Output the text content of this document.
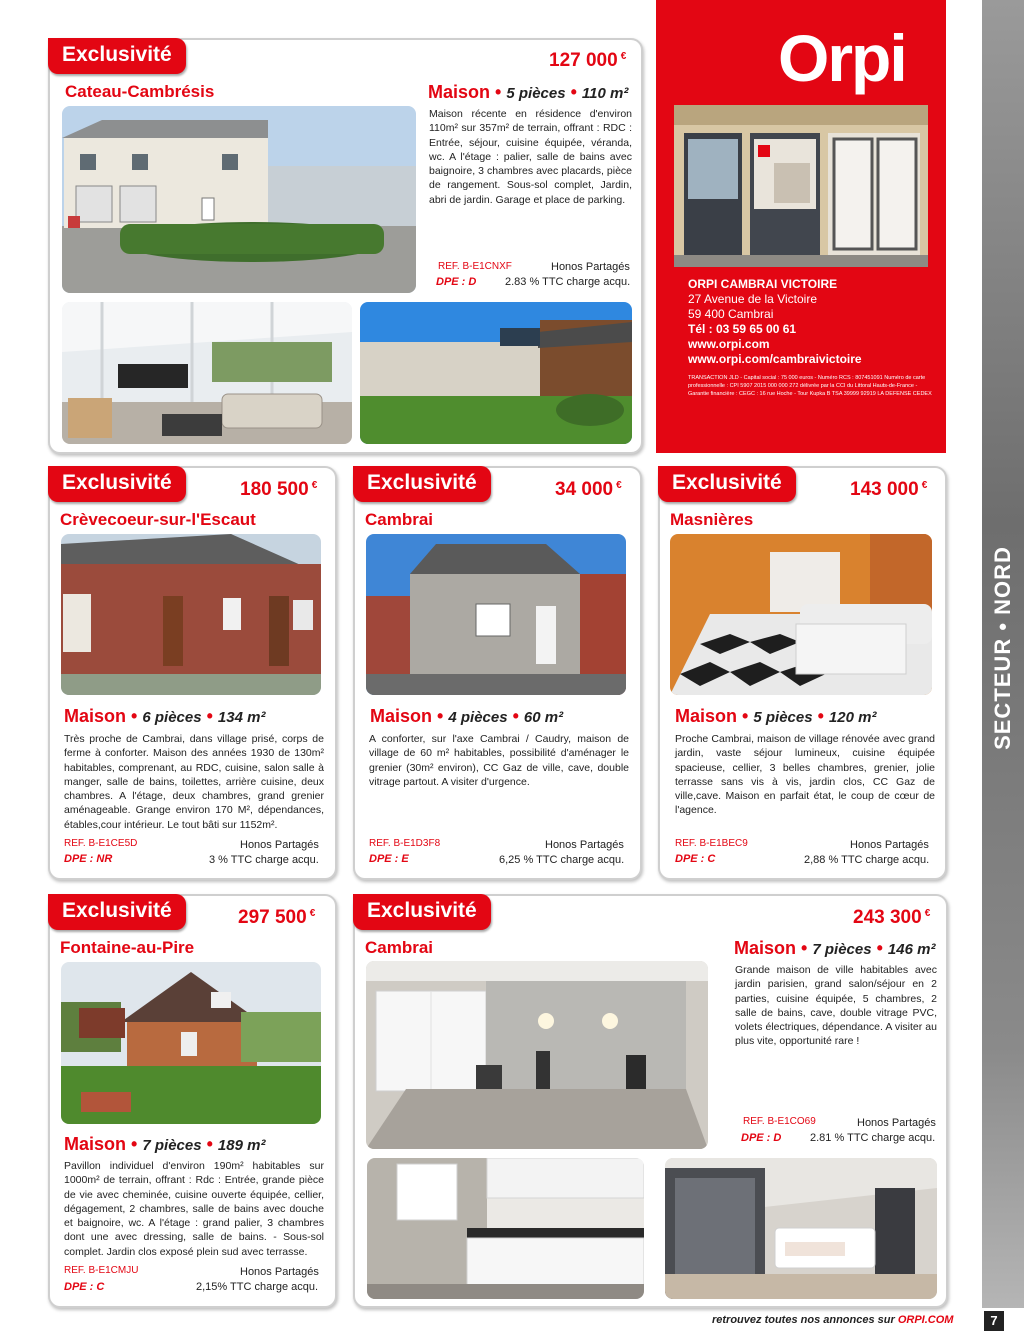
SECTEUR • NORD
Orpi
ORPI CAMBRAI VICTOIRE
27 Avenue de la Victoire
59 400 Cambrai
Tél : 03 59 65 00 61
www.orpi.com
www.orpi.com/cambraivictoire
TRANSACTION JLD - Capital social : 75 000 euros - Numéro RCS : 807451091 Numéro de carte professionnelle : CPI 5907 2015 000 000 272 délivrée par la CCI du Littoral Hauts-de-France - Garantie financière : CEGC : 16 rue Hoche - Tour Kupka B TSA 39999 92919 LA DEFENSE CEDEX
Exclusivité	127 000 €
Cateau-Cambrésis	Maison • 5 pièces • 110 m²
Maison récente en résidence d'environ 110m² sur 357m² de terrain, offrant : RDC : Entrée, séjour, cuisine équipée, véranda, wc. A l'étage : palier, salle de bains avec baignoire, 3 chambres avec placards, pièce de rangement. Sous-sol complet, Jardin, abri de jardin. Garage et place de parking.
REF. B-E1CNXF
DPE : D
Honos Partagés
2.83 % TTC charge acqu.
Exclusivité	180 500 €
Crèvecoeur-sur-l'Escaut
Maison • 6 pièces • 134 m²
Très proche de Cambrai, dans village prisé, corps de ferme à conforter. Maison des années 1930 de 130m² habitables, comprenant, au RDC, cuisine, salon salle à manger, salle de bains, toilettes, arrière cuisine, deux chambres. A l'étage, deux chambres, grand grenier aménageable. Grange environ 170 M², dépendances, étables,cour intérieur. Le tout bâti sur 1152m².
REF. B-E1CE5D
DPE : NR
Honos Partagés
3 % TTC charge acqu.
Exclusivité	34 000 €
Cambrai
Maison • 4 pièces • 60 m²
A conforter, sur l'axe Cambrai / Caudry, maison de village de 60 m² habitables, possibilité d'aménager le grenier (30m² environ), CC Gaz de ville, cave, double vitrage partout. A visiter d'urgence.
REF. B-E1D3F8
DPE : E
Honos Partagés
6,25 % TTC charge acqu.
Exclusivité	143 000 €
Masnières
Maison • 5 pièces • 120 m²
Proche Cambrai, maison de village rénovée avec grand jardin, vaste séjour lumineux, cuisine équipée spacieuse, cellier, 3 belles chambres, grenier, jolie terrasse sans vis à vis, jardin clos, CC Gaz de ville,cave. Maison en parfait état, le coup de cœur de l'agence.
REF. B-E1BEC9
DPE : C
Honos Partagés
2,88 % TTC charge acqu.
Exclusivité	297 500 €
Fontaine-au-Pire
Maison • 7 pièces • 189 m²
Pavillon individuel d'environ 190m² habitables sur 1000m² de terrain, offrant : Rdc : Entrée, grande pièce de vie avec cheminée, cuisine ouverte équipée, cellier, dégagement, 2 chambres, salle de bains avec douche et baignoire, wc. A l'étage : grand palier, 3 chambres dont une avec dressing, salle de bains. - Sous-sol complet. Jardin clos exposé plein sud avec terrasse.
REF. B-E1CMJU
DPE : C
Honos Partagés
2,15% TTC charge acqu.
Exclusivité	243 300 €
Cambrai	Maison • 7 pièces • 146 m²
Grande maison de ville habitables avec jardin parisien, grand salon/séjour en 2 parties, cuisine équipée, 5 chambres, 2 salle de bains, cave, double vitrage PVC, volets électriques, dépendance. A visiter au plus vite, opportunité rare !
REF. B-E1CO69
DPE : D
Honos Partagés
2.81 % TTC charge acqu.
retrouvez toutes nos annonces sur ORPI.COM	7
